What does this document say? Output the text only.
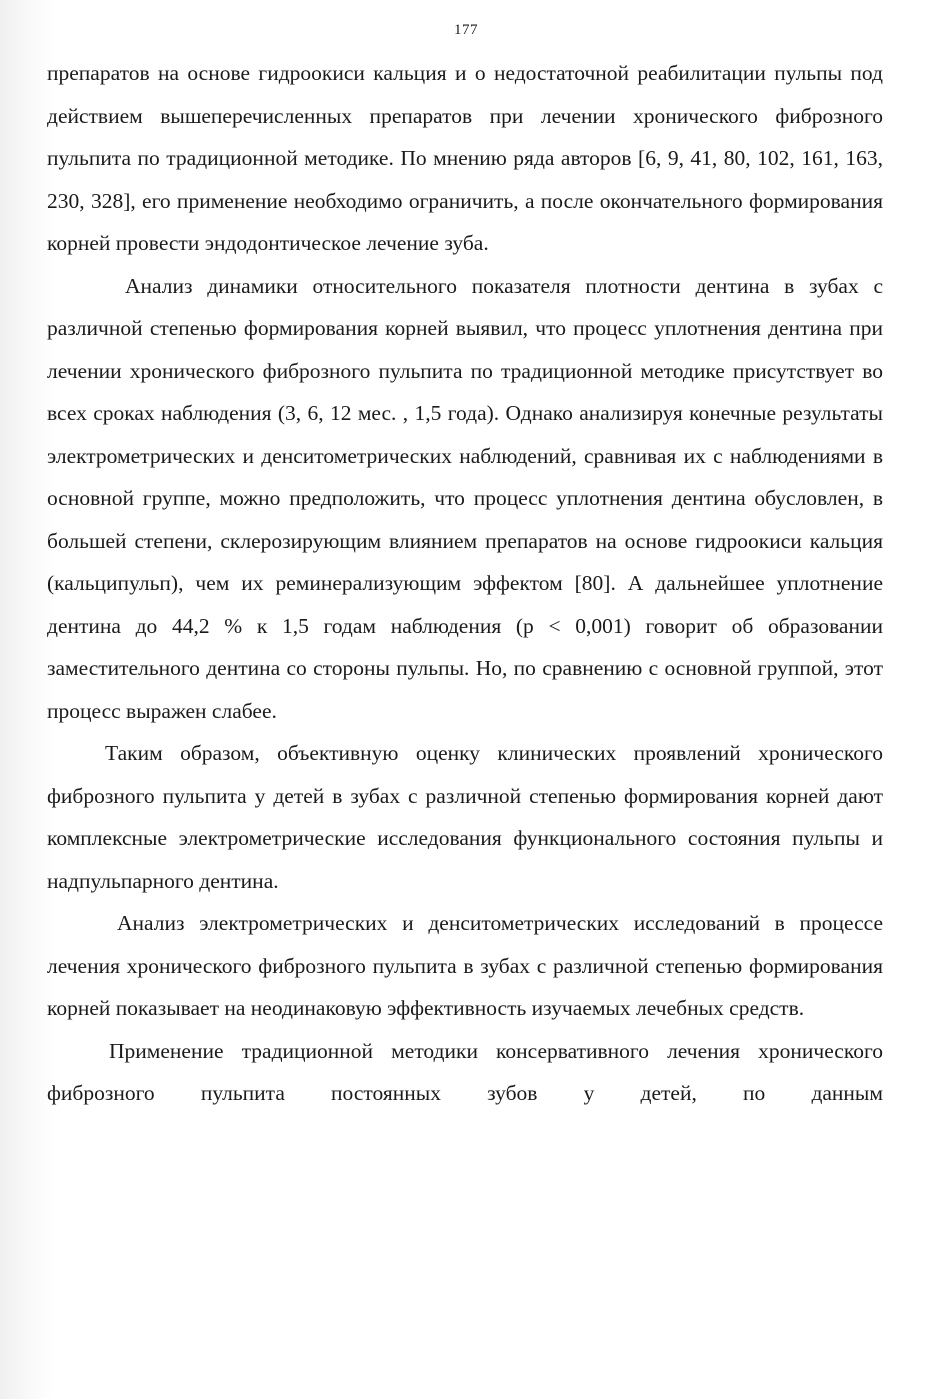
177

препаратов на основе гидроокиси кальция и о недостаточной реабилитации пульпы под действием вышеперечисленных препаратов при лечении хронического фиброзного пульпита по традиционной методике. По мнению ряда авторов [6, 9, 41, 80, 102, 161, 163, 230, 328], его применение необходимо ограничить, а после окончательного формирования корней провести эндодонтическое лечение зуба.

Анализ динамики относительного показателя плотности дентина в зубах с различной степенью формирования корней выявил, что процесс уплотнения дентина при лечении хронического фиброзного пульпита по традиционной методике присутствует во всех сроках наблюдения (3, 6, 12 мес. , 1,5 года). Однако анализируя конечные результаты электрометрических и денситометрических наблюдений, сравнивая их с наблюдениями в основной группе, можно предположить, что процесс уплотнения дентина обусловлен, в большей степени, склерозирующим влиянием препаратов на основе гидроокиси кальция (кальципульп), чем их реминерализующим эффектом [80]. А дальнейшее уплотнение дентина до 44,2 % к 1,5 годам наблюдения (p < 0,001) говорит об образовании заместительного дентина со стороны пульпы. Но, по сравнению с основной группой, этот процесс выражен слабее.

Таким образом, объективную оценку клинических проявлений хронического фиброзного пульпита у детей в зубах с различной степенью формирования корней дают комплексные электрометрические исследования функционального состояния пульпы и надпульпарного дентина.

Анализ электрометрических и денситометрических исследований в процессе лечения хронического фиброзного пульпита в зубах с различной степенью формирования корней показывает на неодинаковую эффективность изучаемых лечебных средств.

Применение традиционной методики консервативного лечения хронического фиброзного пульпита постоянных зубов у детей, по данным
